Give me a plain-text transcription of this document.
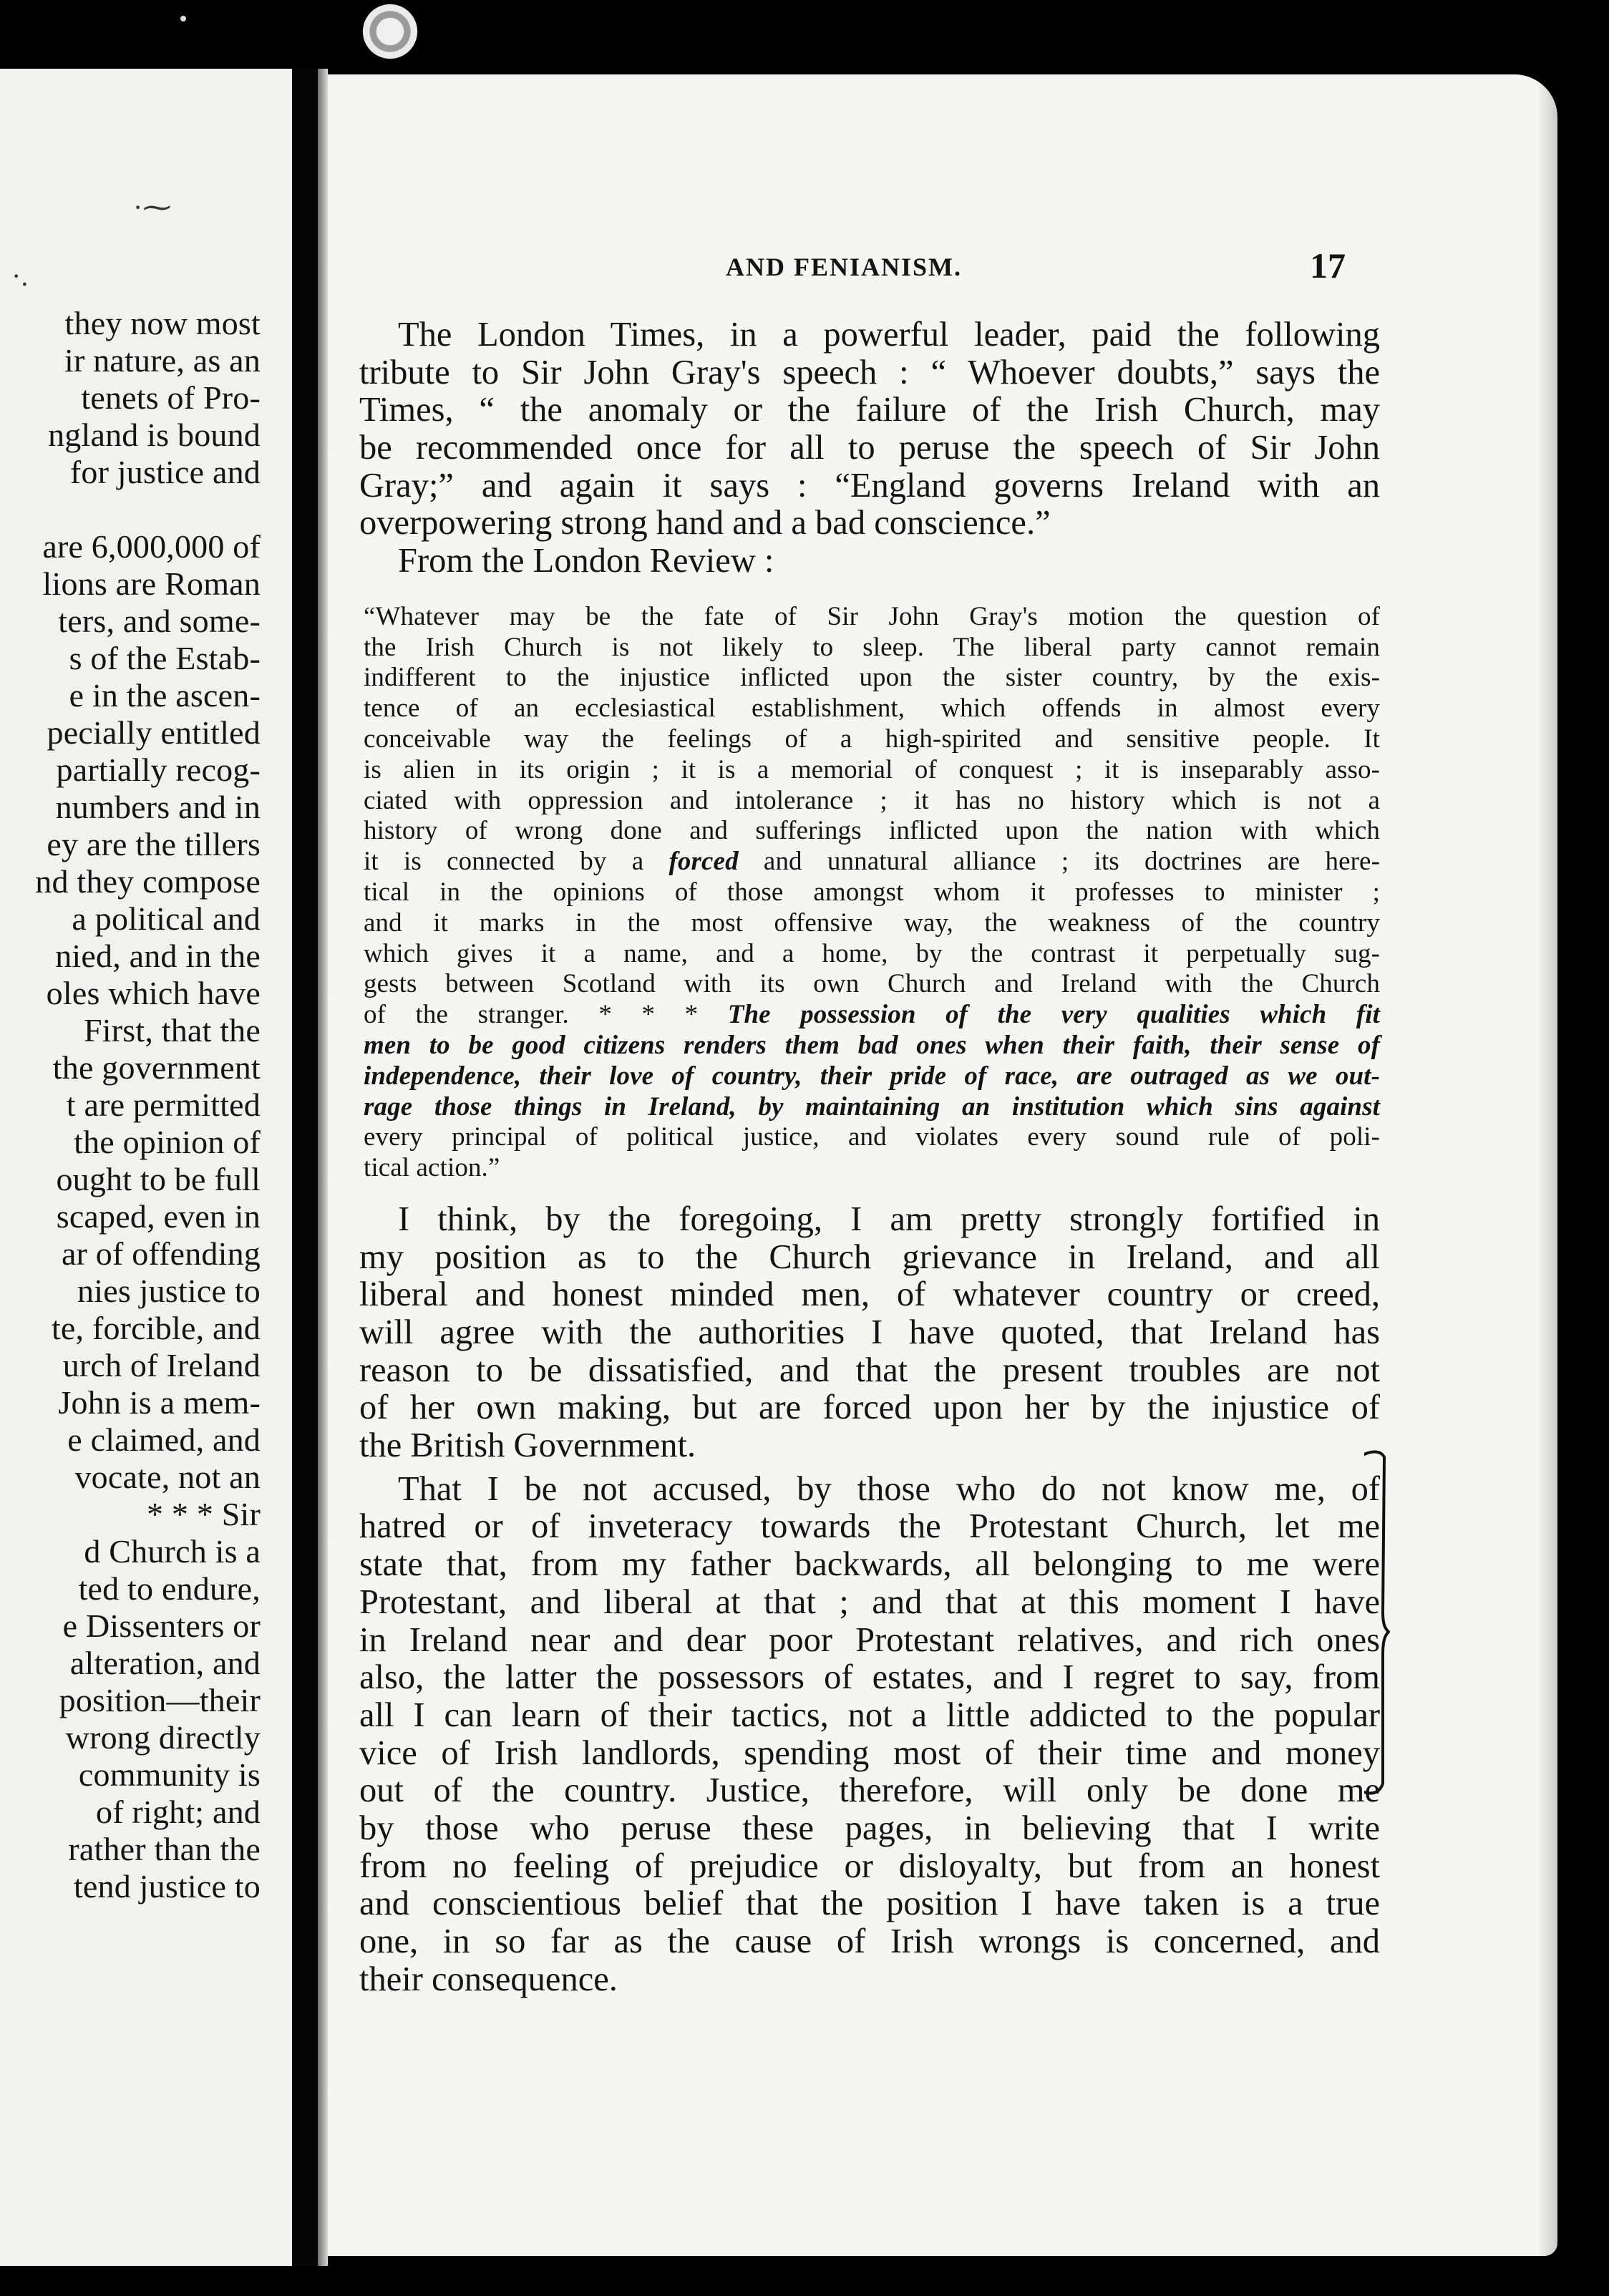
·⁓
·.
they now most
ir nature, as an
tenets of Pro-
ngland is bound
for justice and

are 6,000,000 of
lions are Roman
ters, and some-
s of the Estab-
e in the ascen-
pecially entitled
partially recog-
numbers and in
ey are the tillers
nd they compose
a political and
nied, and in the
oles which have
First, that the
the government
t are permitted
the opinion of
ought to be full
scaped, even in
ar of offending
nies justice to
te, forcible, and
urch of Ireland
John is a mem-
e claimed, and
vocate, not an
* * * Sir
d Church is a
ted to endure,
e Dissenters or
alteration, and
position—their
wrong directly
community is
of right; and
rather than the
tend justice to
AND FENIANISM.	17
The London Times, in a powerful leader, paid the following
tribute to Sir John Gray's speech : “ Whoever doubts,” says the
Times, “ the anomaly or the failure of the Irish Church, may
be recommended once for all to peruse the speech of Sir John
Gray;” and again it says : “England governs Ireland with an
overpowering strong hand and a bad conscience.”
From the London Review :
“Whatever may be the fate of Sir John Gray's motion the question of
the Irish Church is not likely to sleep. The liberal party cannot remain
indifferent to the injustice inflicted upon the sister country, by the exis-
tence of an ecclesiastical establishment, which offends in almost every
conceivable way the feelings of a high-spirited and sensitive people. It
is alien in its origin ; it is a memorial of conquest ; it is inseparably asso-
ciated with oppression and intolerance ; it has no history which is not a
history of wrong done and sufferings inflicted upon the nation with which
it is connected by a forced and unnatural alliance ; its doctrines are here-
tical in the opinions of those amongst whom it professes to minister ;
and it marks in the most offensive way, the weakness of the country
which gives it a name, and a home, by the contrast it perpetually sug-
gests between Scotland with its own Church and Ireland with the Church
of the stranger. * * * The possession of the very qualities which fit
men to be good citizens renders them bad ones when their faith, their sense of
independence, their love of country, their pride of race, are outraged as we out-
rage those things in Ireland, by maintaining an institution which sins against
every principal of political justice, and violates every sound rule of poli-
tical action.”
I think, by the foregoing, I am pretty strongly fortified in
my position as to the Church grievance in Ireland, and all
liberal and honest minded men, of whatever country or creed,
will agree with the authorities I have quoted, that Ireland has
reason to be dissatisfied, and that the present troubles are not
of her own making, but are forced upon her by the injustice of
the British Government.
That I be not accused, by those who do not know me, of
hatred or of inveteracy towards the Protestant Church, let me
state that, from my father backwards, all belonging to me were
Protestant, and liberal at that ; and that at this moment I have
in Ireland near and dear poor Protestant relatives, and rich ones
also, the latter the possessors of estates, and I regret to say, from
all I can learn of their tactics, not a little addicted to the popular
vice of Irish landlords, spending most of their time and money
out of the country. Justice, therefore, will only be done me
by those who peruse these pages, in believing that I write
from no feeling of prejudice or disloyalty, but from an honest
and conscientious belief that the position I have taken is a true
one, in so far as the cause of Irish wrongs is concerned, and
their consequence.
